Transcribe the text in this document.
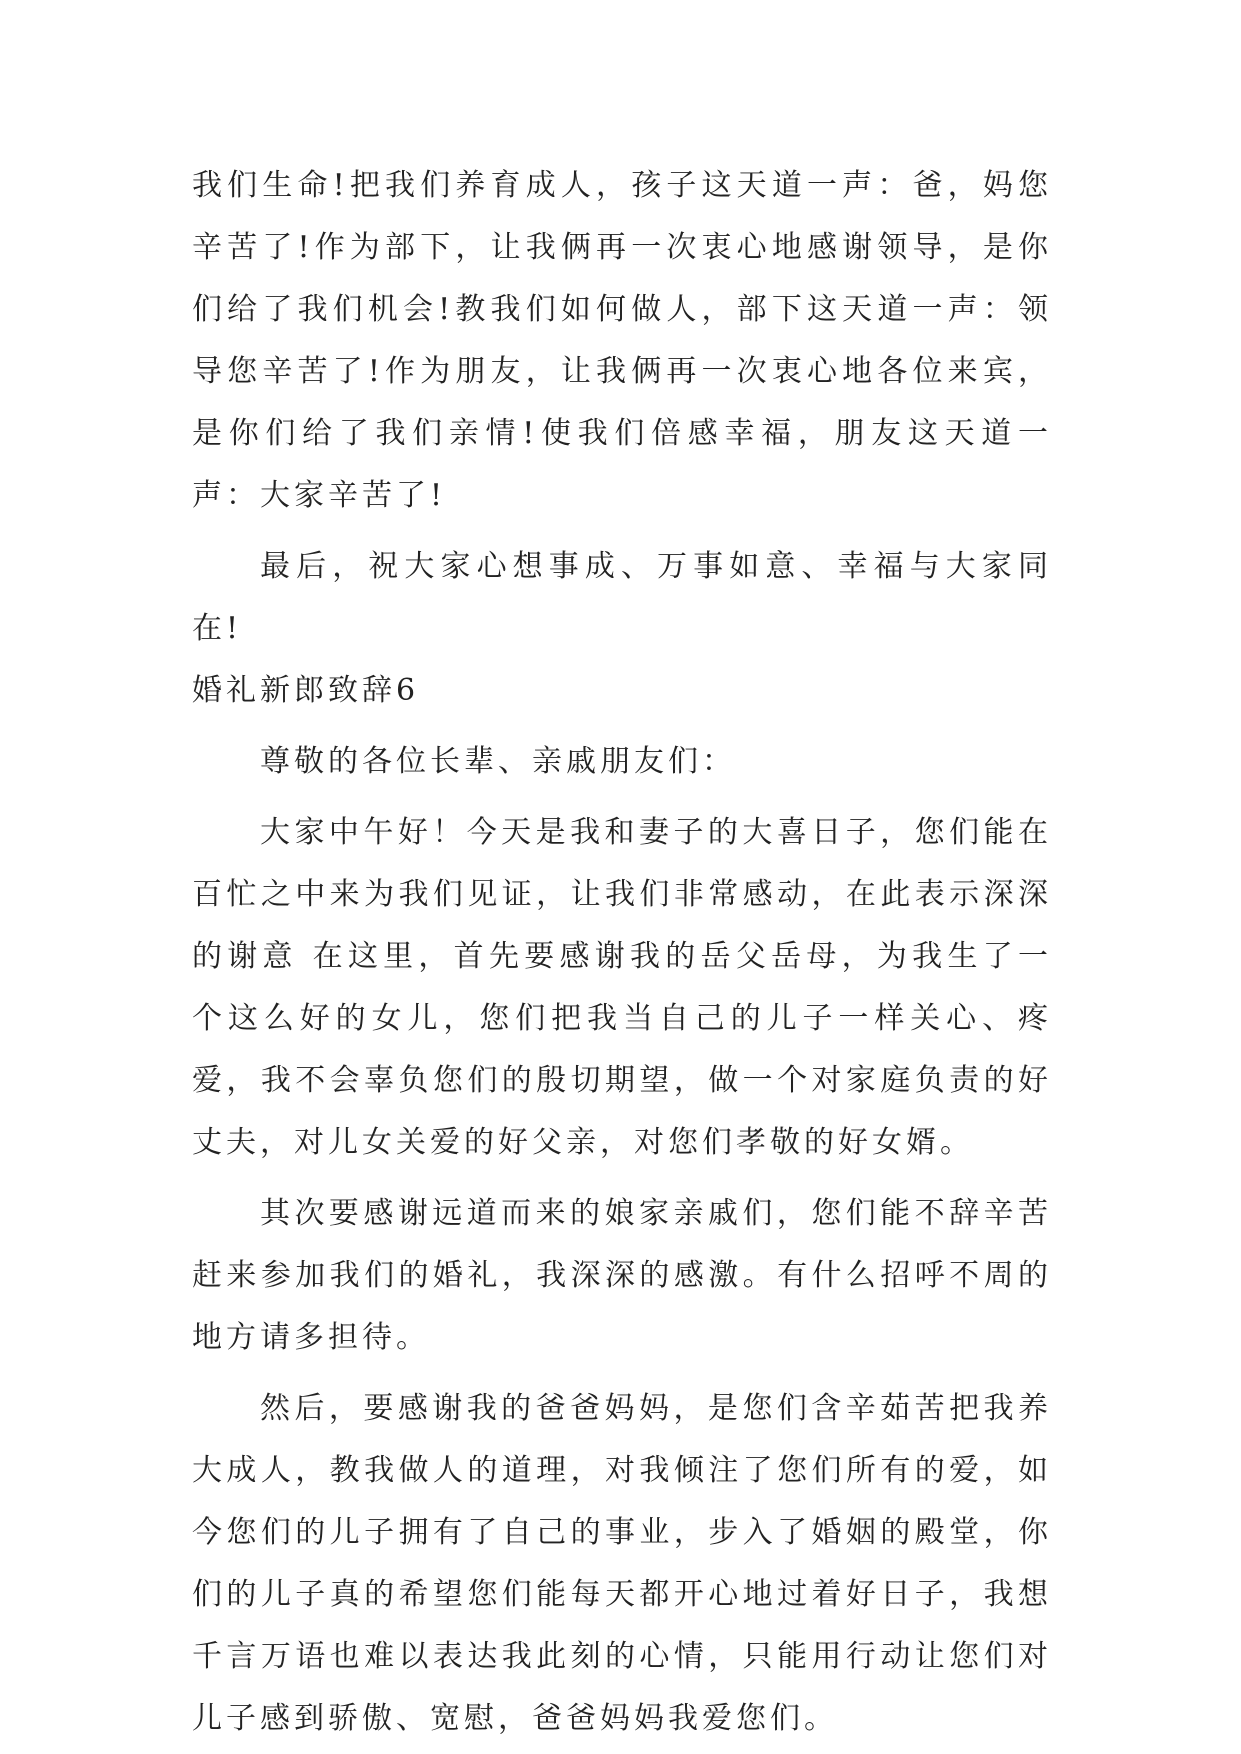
我们生命!把我们养育成人，孩子这天道一声：爸，妈您辛苦了!作为部下，让我俩再一次衷心地感谢领导，是你们给了我们机会!教我们如何做人，部下这天道一声：领导您辛苦了!作为朋友，让我俩再一次衷心地各位来宾，是你们给了我们亲情!使我们倍感幸福，朋友这天道一声：大家辛苦了!

最后，祝大家心想事成、万事如意、幸福与大家同在!

婚礼新郎致辞6

尊敬的各位长辈、亲戚朋友们：

大家中午好！今天是我和妻子的大喜日子，您们能在百忙之中来为我们见证，让我们非常感动，在此表示深深的谢意 在这里，首先要感谢我的岳父岳母，为我生了一个这么好的女儿，您们把我当自己的儿子一样关心、疼爱，我不会辜负您们的殷切期望，做一个对家庭负责的好丈夫，对儿女关爱的好父亲，对您们孝敬的好女婿。

其次要感谢远道而来的娘家亲戚们，您们能不辞辛苦赶来参加我们的婚礼，我深深的感激。有什么招呼不周的地方请多担待。

然后，要感谢我的爸爸妈妈，是您们含辛茹苦把我养大成人，教我做人的道理，对我倾注了您们所有的爱，如今您们的儿子拥有了自己的事业，步入了婚姻的殿堂，你们的儿子真的希望您们能每天都开心地过着好日子，我想千言万语也难以表达我此刻的心情，只能用行动让您们对儿子感到骄傲、宽慰，爸爸妈妈我爱您们。
